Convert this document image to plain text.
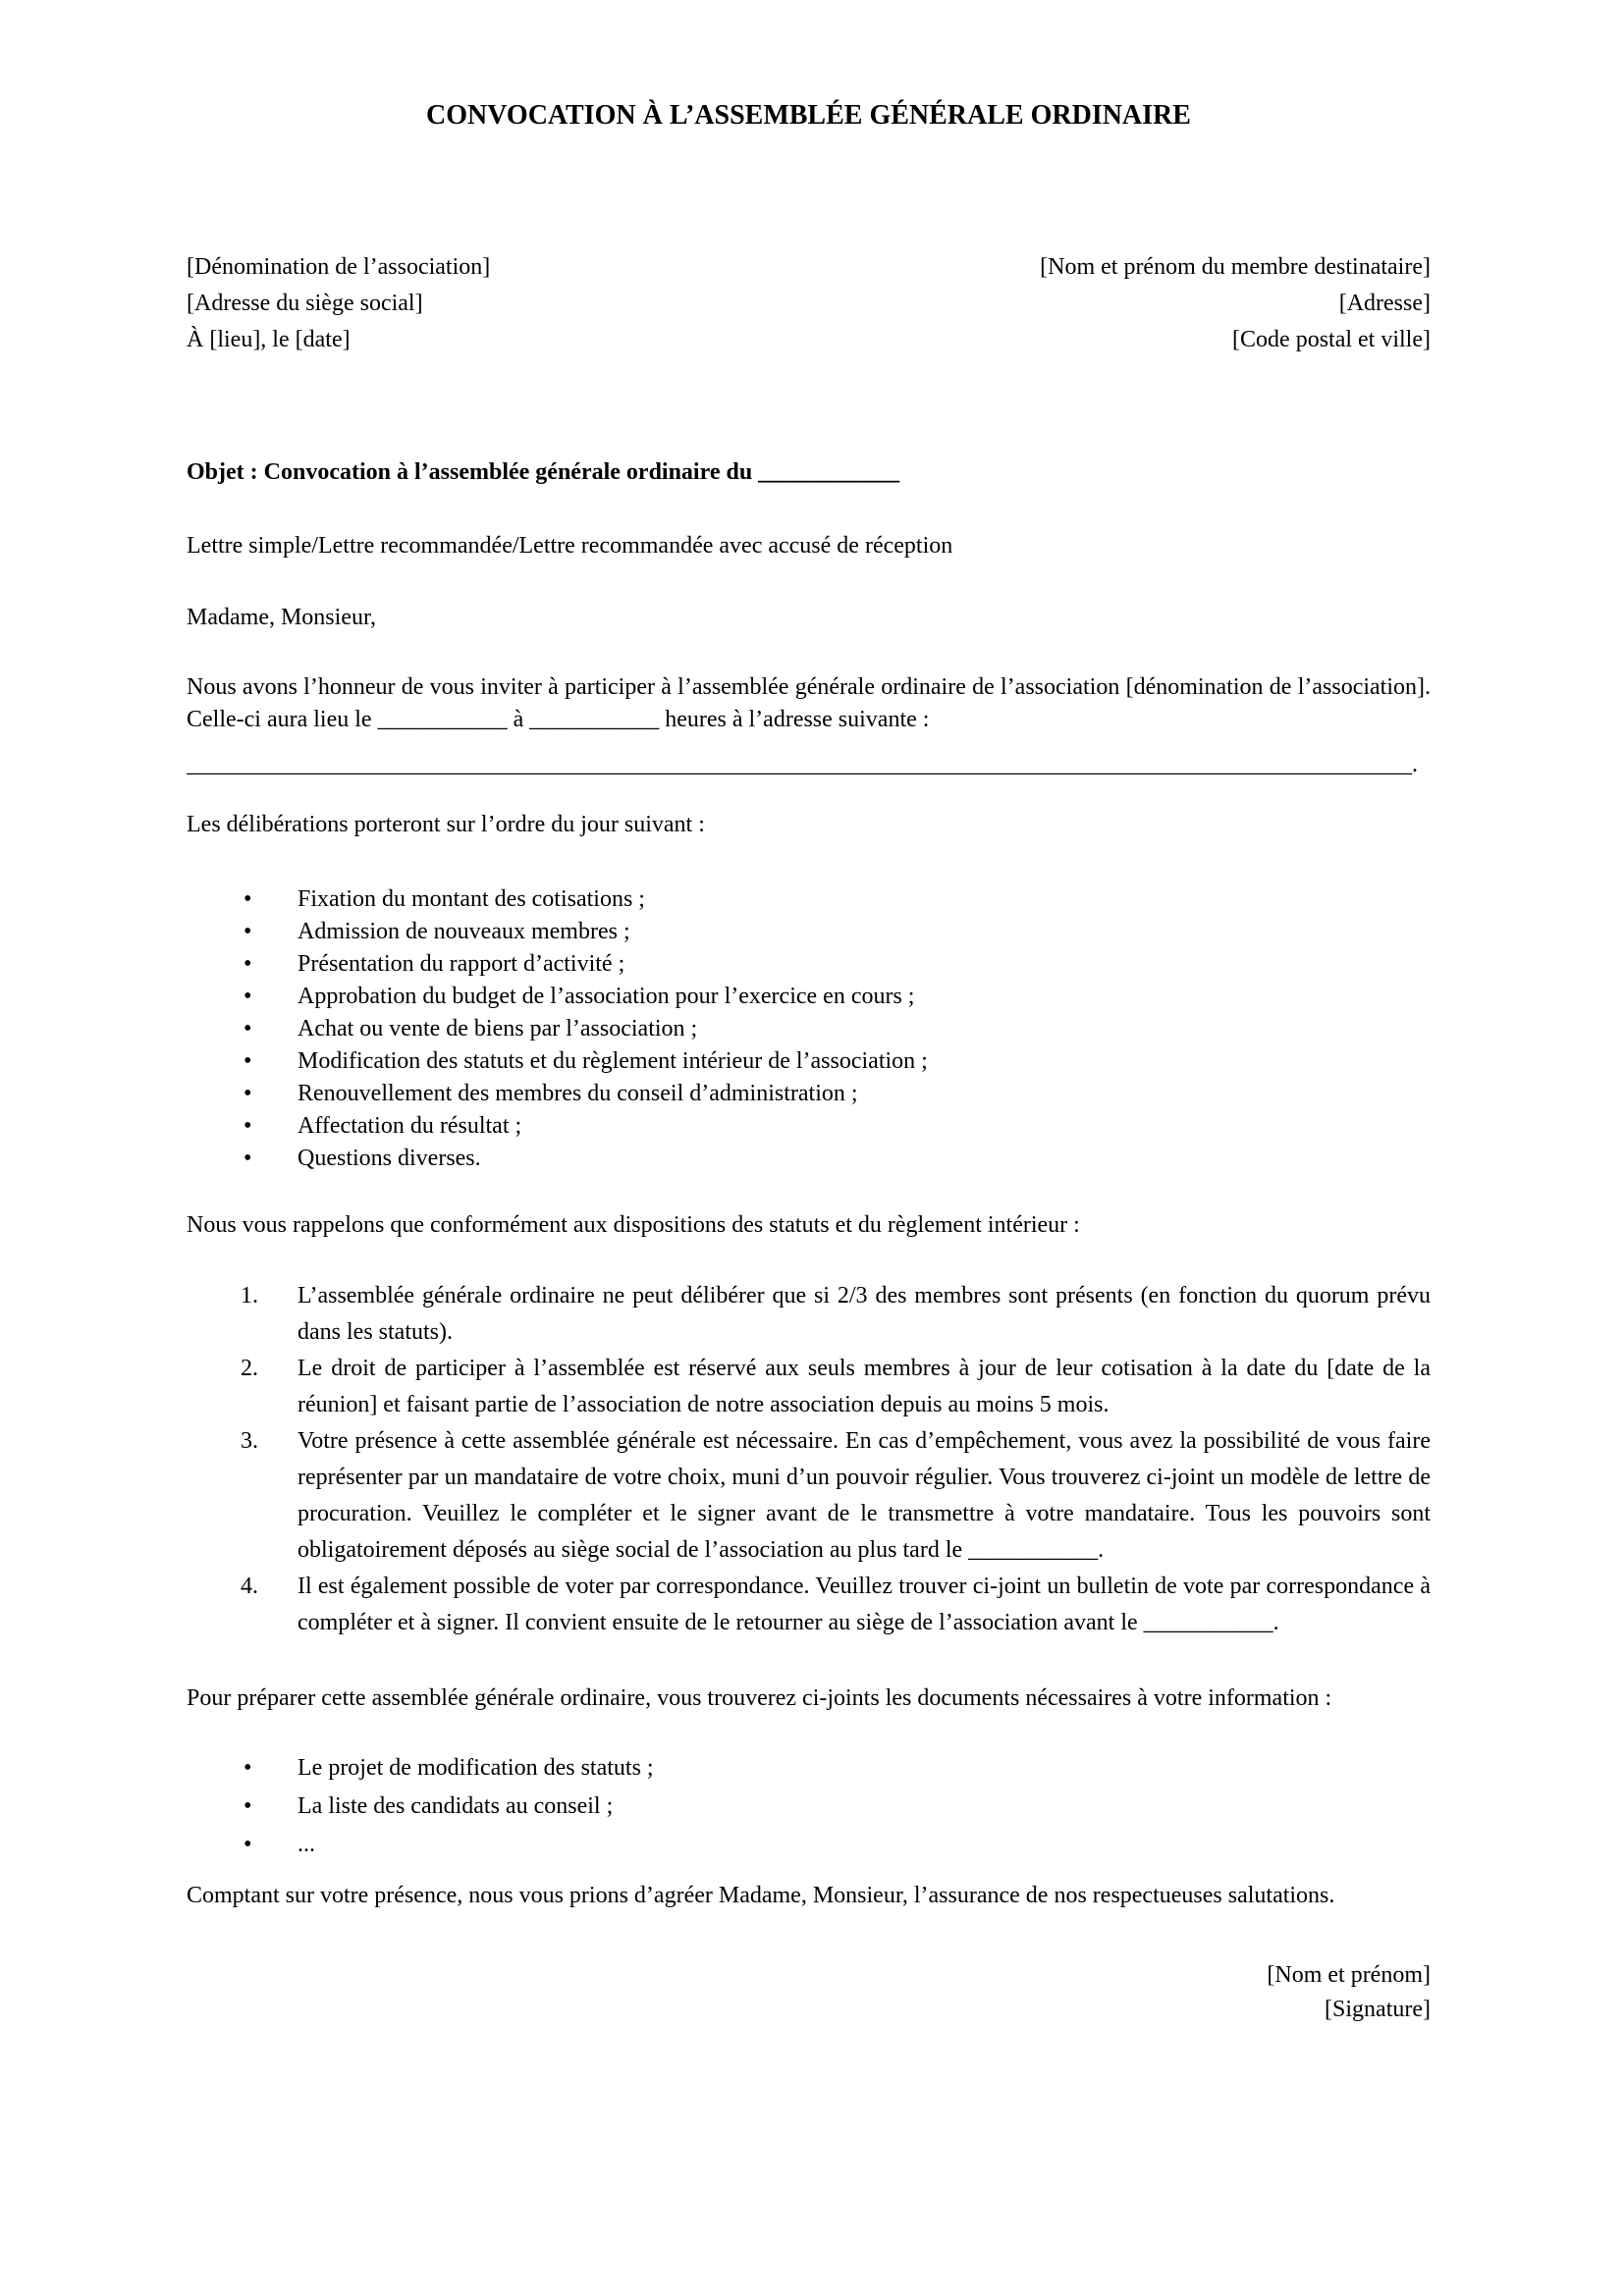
CONVOCATION À L’ASSEMBLÉE GÉNÉRALE ORDINAIRE
[Dénomination de l’association]
[Adresse du siège social]
À [lieu], le [date]
[Nom et prénom du membre destinataire]
[Adresse]
[Code postal et ville]
Objet : Convocation à l’assemblée générale ordinaire du ____________
Lettre simple/Lettre recommandée/Lettre recommandée avec accusé de réception
Madame, Monsieur,
Nous avons l’honneur de vous inviter à participer à l’assemblée générale ordinaire de l’association [dénomination de l’association]. Celle-ci aura lieu le ___________ à ___________ heures à l’adresse suivante :
________________________________________________________________________________________________________.
Les délibérations porteront sur l’ordre du jour suivant :
•	Fixation du montant des cotisations ;
•	Admission de nouveaux membres ;
•	Présentation du rapport d’activité ;
•	Approbation du budget de l’association pour l’exercice en cours ;
•	Achat ou vente de biens par l’association ;
•	Modification des statuts et du règlement intérieur de l’association ;
•	Renouvellement des membres du conseil d’administration ;
•	Affectation du résultat ;
•	Questions diverses.
Nous vous rappelons que conformément aux dispositions des statuts et du règlement intérieur :
1.	L’assemblée générale ordinaire ne peut délibérer que si 2/3 des membres sont présents (en fonction du quorum prévu dans les statuts).
2.	Le droit de participer à l’assemblée est réservé aux seuls membres à jour de leur cotisation à la date du [date de la réunion] et faisant partie de l’association de notre association depuis au moins 5 mois.
3.	Votre présence à cette assemblée générale est nécessaire. En cas d’empêchement, vous avez la possibilité de vous faire représenter par un mandataire de votre choix, muni d’un pouvoir régulier. Vous trouverez ci-joint un modèle de lettre de procuration. Veuillez le compléter et le signer avant de le transmettre à votre mandataire. Tous les pouvoirs sont obligatoirement déposés au siège social de l’association au plus tard le ___________.
4.	Il est également possible de voter par correspondance. Veuillez trouver ci-joint un bulletin de vote par correspondance à compléter et à signer. Il convient ensuite de le retourner au siège de l’association avant le ___________.
Pour préparer cette assemblée générale ordinaire, vous trouverez ci-joints les documents nécessaires à votre information :
•	Le projet de modification des statuts ;
•	La liste des candidats au conseil ;
•	...
Comptant sur votre présence, nous vous prions d’agréer Madame, Monsieur, l’assurance de nos respectueuses salutations.
[Nom et prénom]
[Signature]
